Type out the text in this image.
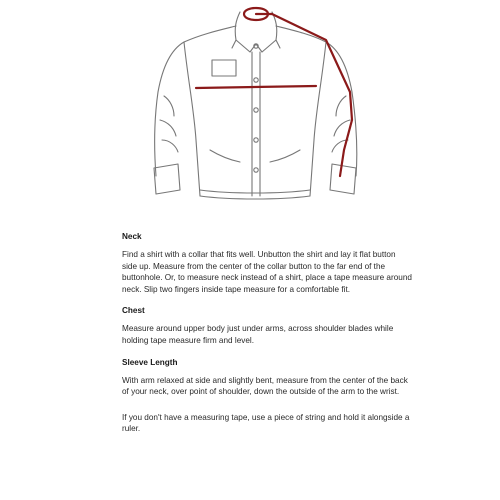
Neck

Find a shirt with a collar that fits well. Unbutton the shirt and lay it flat button side up. Measure from the center of the collar button to the far end of the buttonhole. Or, to measure neck instead of a shirt, place a tape measure around neck. Slip two fingers inside tape measure for a comfortable fit.

Chest

Measure around upper body just under arms, across shoulder blades while holding tape measure firm and level.

Sleeve Length

With arm relaxed at side and slightly bent, measure from the center of the back of your neck, over point of shoulder, down the outside of the arm to the wrist.

If you don't have a measuring tape, use a piece of string and hold it alongside a ruler.
